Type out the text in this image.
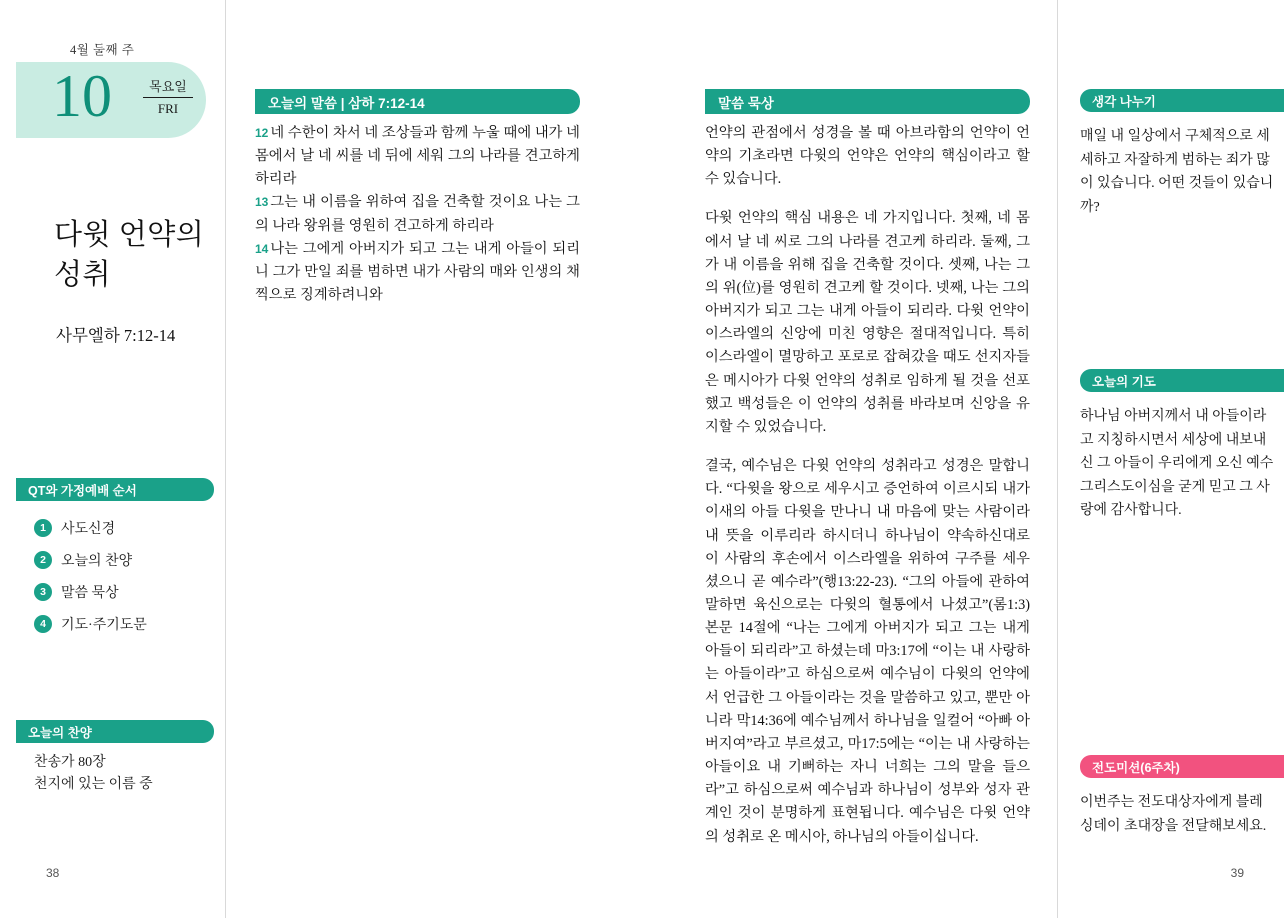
4월 둘째 주
10	목요일
FRI
다윗 언약의 성취
사무엘하 7:12-14
QT와 가정예배 순서
1	사도신경
2	오늘의 찬양
3	말씀 묵상
4	기도·주기도문
오늘의 찬양
찬송가 80장
천지에 있는 이름 중
38
오늘의 말씀 | 삼하 7:12-14
12 네 수한이 차서 네 조상들과 함께 누울 때에 내가 네 몸에서 날 네 씨를 네 뒤에 세워 그의 나라를 견고하게 하리라
13 그는 내 이름을 위하여 집을 건축할 것이요 나는 그의 나라 왕위를 영원히 견고하게 하리라
14 나는 그에게 아버지가 되고 그는 내게 아들이 되리니 그가 만일 죄를 범하면 내가 사람의 매와 인생의 채찍으로 징계하려니와
말씀 묵상

언약의 관점에서 성경을 볼 때 아브라함의 언약이 언약의 기초라면 다윗의 언약은 언약의 핵심이라고 할 수 있습니다.

다윗 언약의 핵심 내용은 네 가지입니다. 첫째, 네 몸에서 날 네 씨로 그의 나라를 견고케 하리라. 둘째, 그가 내 이름을 위해 집을 건축할 것이다. 셋째, 나는 그의 위(位)를 영원히 견고케 할 것이다. 넷째, 나는 그의 아버지가 되고 그는 내게 아들이 되리라. 다윗 언약이 이스라엘의 신앙에 미친 영향은 절대적입니다. 특히 이스라엘이 멸망하고 포로로 잡혀갔을 때도 선지자들은 메시아가 다윗 언약의 성취로 임하게 될 것을 선포했고 백성들은 이 언약의 성취를 바라보며 신앙을 유지할 수 있었습니다.

결국, 예수님은 다윗 언약의 성취라고 성경은 말합니다. “다윗을 왕으로 세우시고 증언하여 이르시되 내가 이새의 아들 다윗을 만나니 내 마음에 맞는 사람이라 내 뜻을 이루리라 하시더니 하나님이 약속하신대로 이 사람의 후손에서 이스라엘을 위하여 구주를 세우셨으니 곧 예수라”(행13:22-23). “그의 아들에 관하여 말하면 육신으로는 다윗의 혈통에서 나셨고”(롬1:3) 본문 14절에 “나는 그에게 아버지가 되고 그는 내게 아들이 되리라”고 하셨는데 마3:17에 “이는 내 사랑하는 아들이라”고 하심으로써 예수님이 다윗의 언약에서 언급한 그 아들이라는 것을 말씀하고 있고, 뿐만 아니라 막14:36에 예수님께서 하나님을 일컬어 “아빠 아버지여”라고 부르셨고, 마17:5에는 “이는 내 사랑하는 아들이요 내 기뻐하는 자니 너희는 그의 말을 들으라”고 하심으로써 예수님과 하나님이 성부와 성자 관계인 것이 분명하게 표현됩니다. 예수님은 다윗 언약의 성취로 온 메시아, 하나님의 아들이십니다.

생각 나누기
매일 내 일상에서 구체적으로 세세하고 자잘하게 범하는 죄가 많이 있습니다. 어떤 것들이 있습니까?
오늘의 기도
하나님 아버지께서 내 아들이라고 지칭하시면서 세상에 내보내신 그 아들이 우리에게 오신 예수 그리스도이심을 굳게 믿고 그 사랑에 감사합니다.
전도미션(6주차)
이번주는 전도대상자에게 블레싱데이 초대장을 전달해보세요.
39
